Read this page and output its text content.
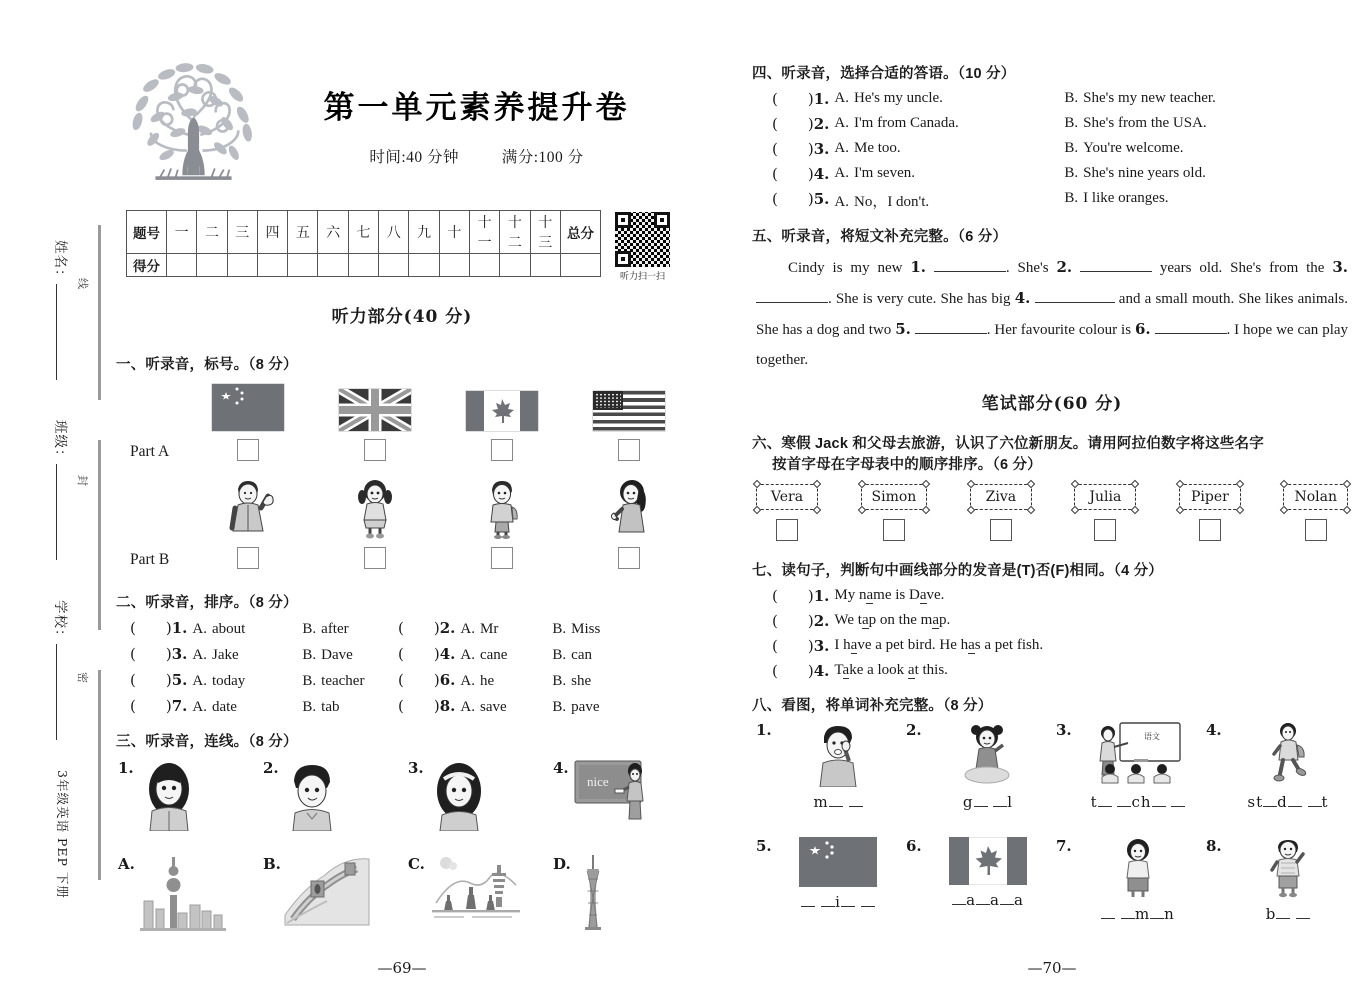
姓名：
班级：
学校：
3年级英语 PEP 下册
线
封
密
第一单元素养提升卷
时间:40 分钟	满分:100 分
题号	一	二	三	四	五	六	七	八	九	十	十一	十二	十三	总分
得分														
听力扫一扫
听力部分(40 分)
一、听录音，标号。（8 分）
Part A
Part B
二、听录音，排序。（8 分）
( ) 1. A. about	B. after	( ) 2. A. Mr	B. Miss
( ) 3. A. Jake	B. Dave	( ) 4. A. cane	B. can
( ) 5. A. today	B. teacher ( ) 6. A. he	B. she
( ) 7. A. date	B. tab	( ) 8. A. save	B. pave
三、听录音，连线。（8 分）
1.	2.	3.	4.
nice
A.	B.	C.	D.
—69—
四、听录音，选择合适的答语。（10 分）
( ) 1. A. He's my uncle.	B. She's my new teacher.
( ) 2. A. I'm from Canada.	B. She's from the USA.
( ) 3. A. Me too.	B. You're welcome.
( ) 4. A. I'm seven.	B. She's nine years old.
( ) 5. A. No，I don't.	B. I like oranges.
五、听录音，将短文补充完整。（6 分）
Cindy is my new 1.	. She's 2.	years old. She's from the 3. . She is very cute. She has big 4.	and a small mouth. She likes animals. She has a dog and two 5.	. Her favourite colour is 6.	. I hope we can play together.
笔试部分(60 分)
六、寒假 Jack 和父母去旅游，认识了六位新朋友。请用阿拉伯数字将这些名字
按首字母在字母表中的顺序排序。（6 分）
Vera	Simon	Ziva	Julia	Piper	Nolan
七、读句子，判断句中画线部分的发音是(T)否(F)相同。（4 分）
( ) 1. My name is Dave.
( ) 2. We tap on the map.
( ) 3. I have a pet bird. He has a pet fish.
( ) 4. Take a look at this.
八、看图，将单词补充完整。（8 分）
1.
m
2.
g l
3.	语文
t ch
4.
st d t
5.
i
6.
a a a
7.
m n
8.
b
—70—
